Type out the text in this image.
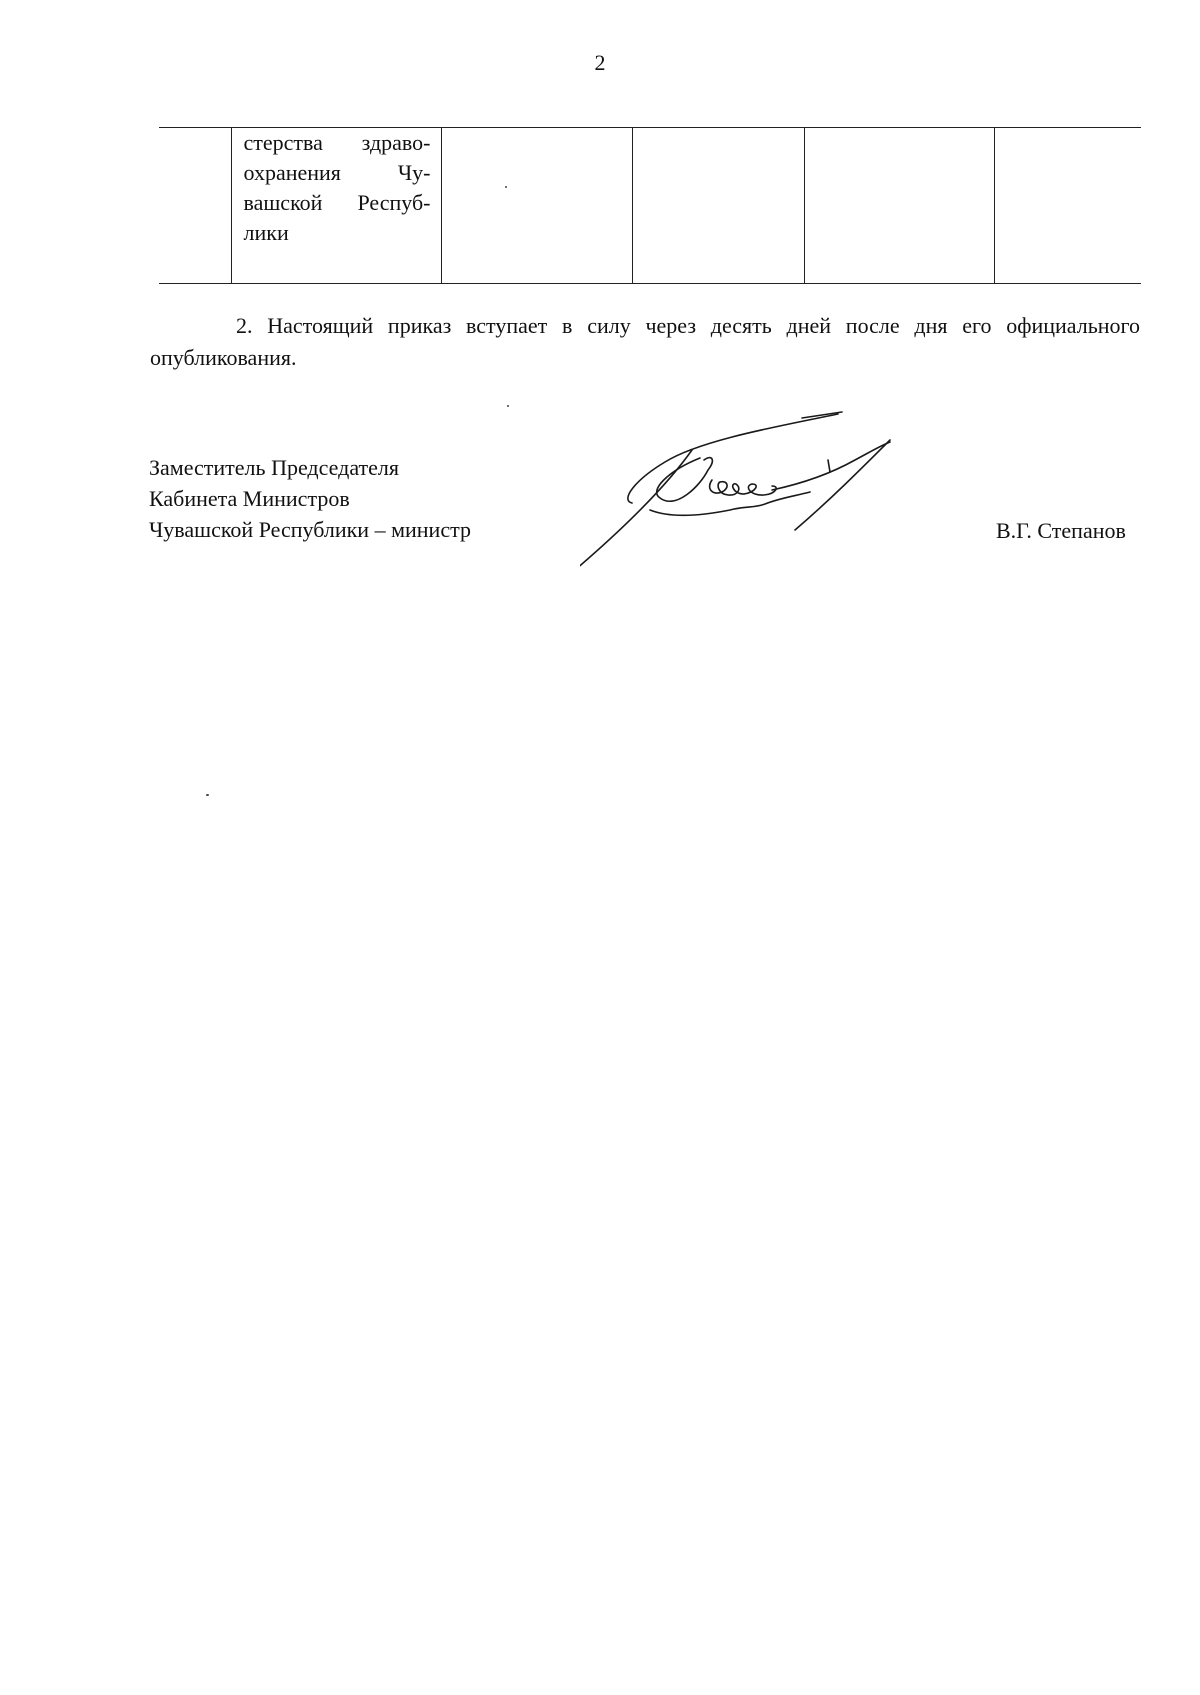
2

стерства здраво-
охранения Чу-
вашской Респуб-
лики

2. Настоящий приказ вступает в силу через десять дней после дня его официального опубликования.

Заместитель Председателя
Кабинета Министров
Чувашской Республики – министр	В.Г. Степанов
